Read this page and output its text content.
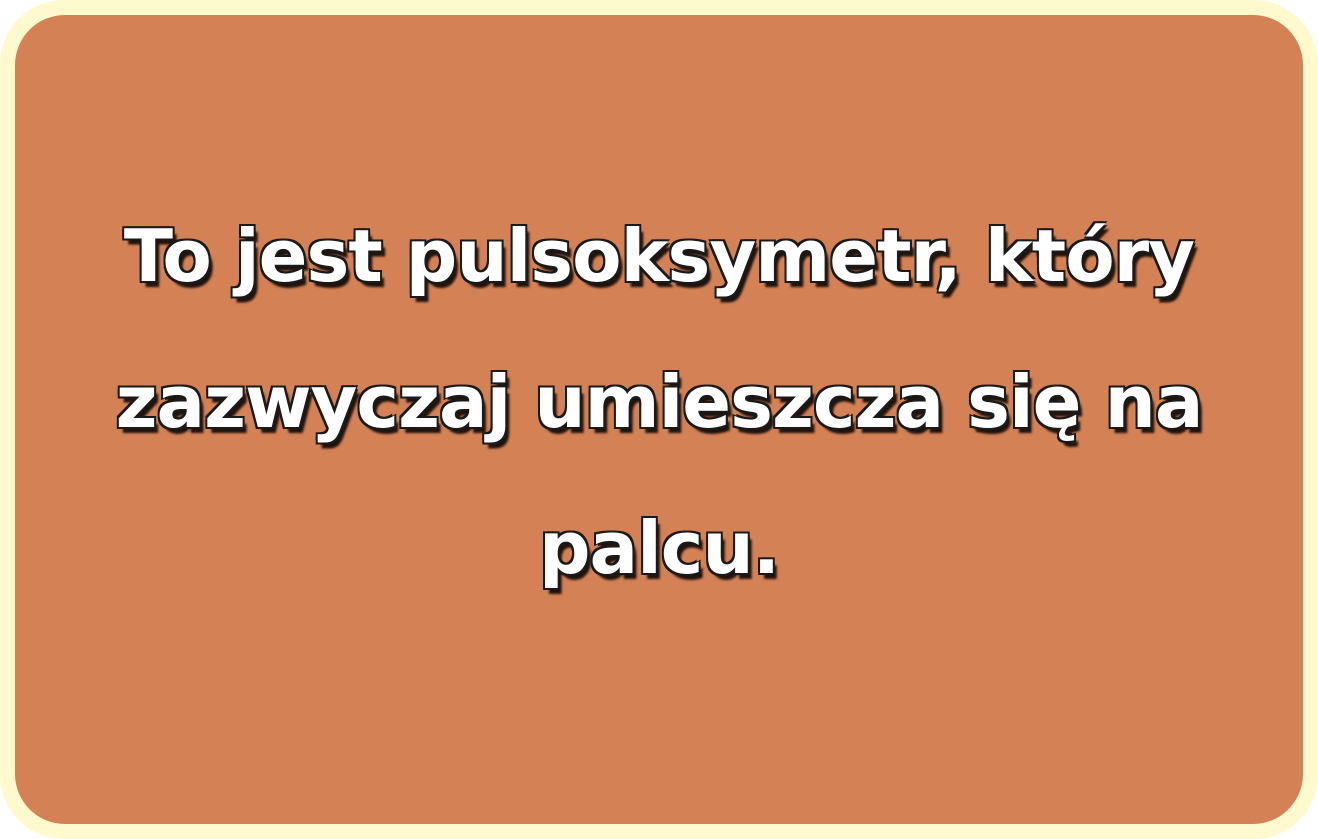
To jest pulsoksymetr, który zazwyczaj umieszcza się na palcu.
